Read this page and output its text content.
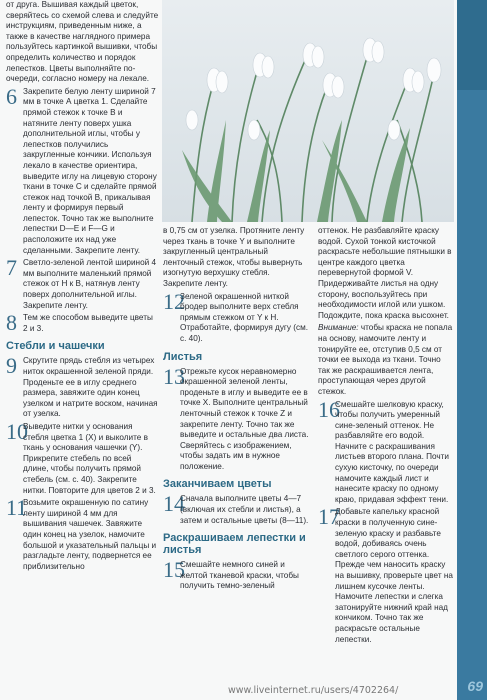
от друга. Вышивая каждый цветок, сверяйтесь со схемой слева и следуйте инструкциям, приведенным ниже, а также в качестве наглядного примера пользуйтесь картинкой вышивки, чтобы определить количество и порядок лепестков. Цветы выполняйте по-очереди, согласно номеру на лекале.

6 Закрепите белую ленту шириной 7 мм в точке А цветка 1. Сделайте прямой стежок к точке В и натяните ленту поверх ушка дополнительной иглы, чтобы у лепестков получились закругленные кончики. Используя лекало в качестве ориентира, выведите иглу на лицевую сторону ткани в точке С и сделайте прямой стежок над точкой В, прикалывая ленту и формируя первый лепесток. Точно так же выполните лепестки D—E и F—G и расположите их над уже сделанными. Закрепите ленту.
7 Светло-зеленой лентой шириной 4 мм выполните маленький прямой стежок от Н к В, натянув ленту поверх дополнительной иглы. Закрепите ленту.
8 Тем же способом выведите цветы 2 и 3.
Стебли и чашечки
9 Скрутите прядь стебля из четырех ниток окрашенной зеленой пряди. Проденьте ее в иглу среднего размера, завяжите один конец узелком и натрите воском, начиная от узелка.
10
Выведите нитки у основания стебля цветка 1 (Х) и выколите в ткань у основания чашечки (Y). Прикрепите стебель по всей длине, чтобы получить прямой стебель (см. с. 40). Закрепите нитки. Повторите для цветов 2 и 3.
11
Возьмите окрашенную по сатину ленту шириной 4 мм для вышивания чашечек. Завяжите один конец на узелок, намочите большой и указательный пальцы и разгладьте ленту, подвернется ее приблизительно

в 0,75 см от узелка. Протяните ленту через ткань в точке Y и выполните закругленный центральный ленточный стежок, чтобы вывернуть изогнутую верхушку стебля. Закрепите ленту.

12
Зеленой окрашенной ниткой бродер выполните верх стебля прямым стежком от Y к H. Отработайте, формируя дугу (см. с. 40).
Листья
13
Отрежьте кусок неравномерно окрашенной зеленой ленты, проденьте в иглу и выведите ее в точке X. Выполните центральный ленточный стежок к точке Z и закрепите ленту. Точно так же выведите и остальные два листа. Сверяйтесь с изображением, чтобы задать им в нужное положение.
Заканчиваем цветы
14
Сначала выполните цветы 4—7 (включая их стебли и листья), а затем и остальные цветы (8—11).
Раскрашиваем лепестки и листья
15
Смешайте немного синей и желтой тканевой краски, чтобы получить темно-зеленый

оттенок. Не разбавляйте краску водой. Сухой тонкой кисточкой раскрасьте небольшие пятнышки в центре каждого цветка перевернутой формой V. Придерживайте листья на одну сторону, воспользуйтесь при необходимости иглой или ушком. Подождите, пока краска высохнет.

Внимание: чтобы краска не попала на основу, намочите ленту и тонируйте ее, отступив 0,5 см от точки ее выхода из ткани. Точно так же раскрашивается лента, проступающая через другой стежок.

16
Смешайте шелковую краску, чтобы получить умеренный сине-зеленый оттенок. Не разбавляйте его водой. Начните с раскрашивания листьев второго плана. Почти сухую кисточку, по очереди намочите каждый лист и нанесите краску по одному краю, придавая эффект тени.
17
Добавьте капельку красной краски в полученную сине-зеленую краску и разбавьте водой, добиваясь очень светлого серого оттенка. Прежде чем наносить краску на вышивку, проверьте цвет на лишнем кусочке ленты. Намочите лепестки и слегка затонируйте нижний край над кончиком. Точно так же раскрасьте остальные лепестки.
69
www.liveinternet.ru/users/4702264/
